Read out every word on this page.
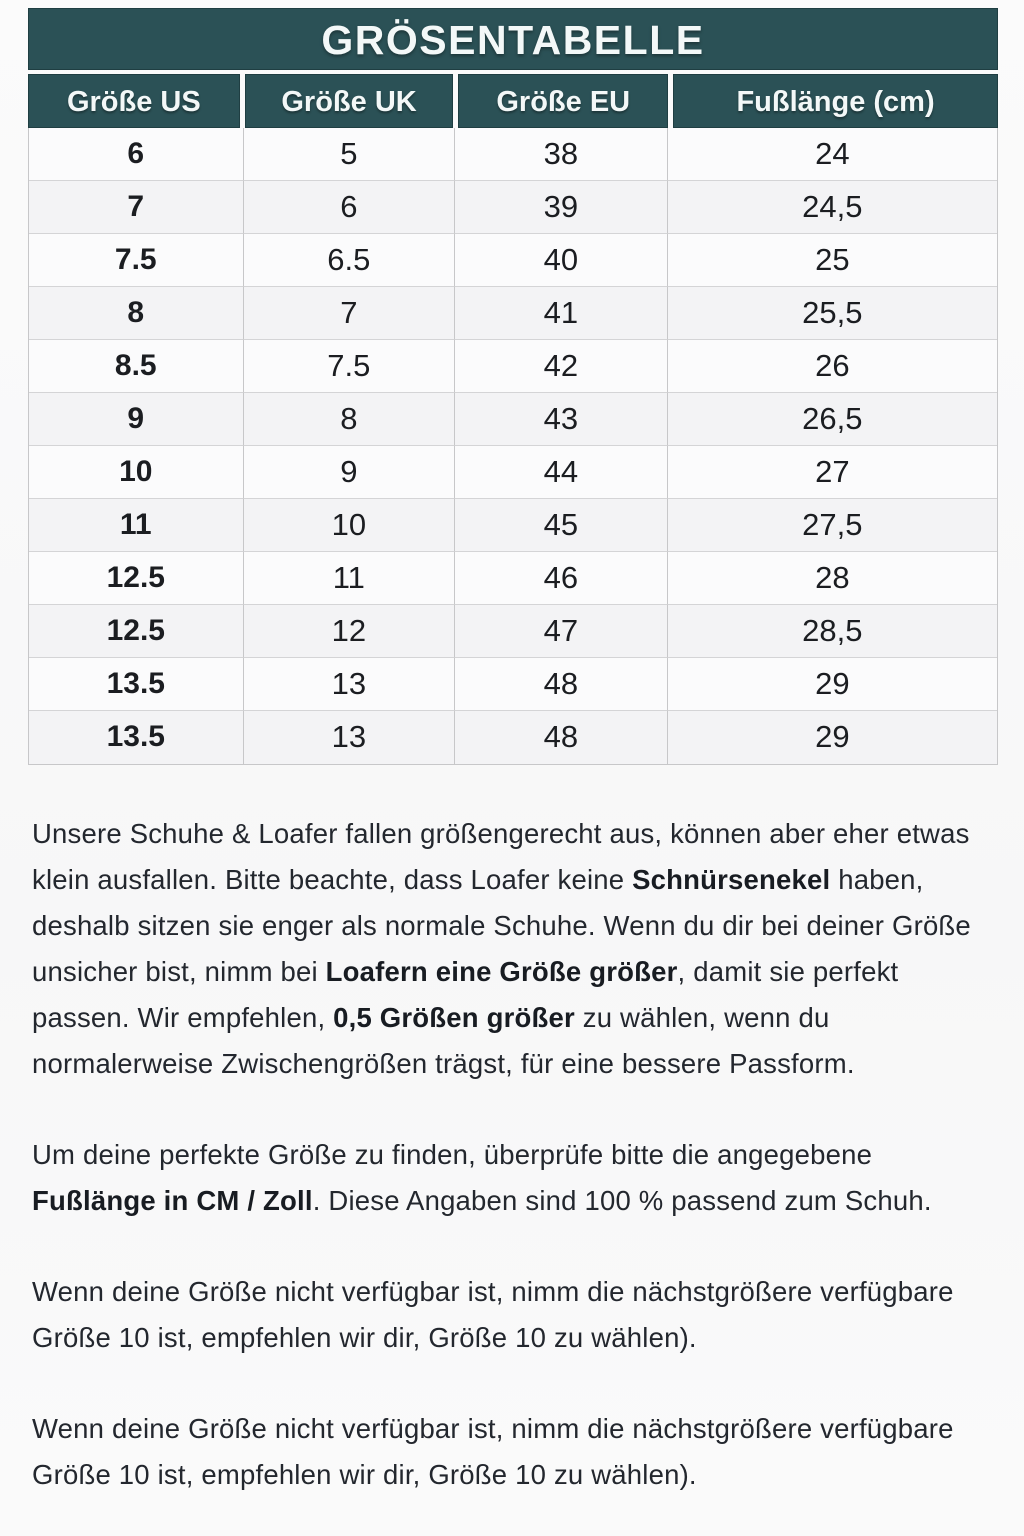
GRÖSENTABELLE
Größe US	Größe UK	Größe EU	Fußlänge (cm)
6	5	38	24
7	6	39	24,5
7.5	6.5	40	25
8	7	41	25,5
8.5	7.5	42	26
9	8	43	26,5
10	9	44	27
11	10	45	27,5
12.5	11	46	28
12.5	12	47	28,5
13.5	13	48	29
13.5	13	48	29

Unsere Schuhe & Loafer fallen größengerecht aus, können aber eher etwas klein ausfallen. Bitte beachte, dass Loafer keine Schnürsenekel haben, deshalb sitzen sie enger als normale Schuhe. Wenn du dir bei deiner Größe unsicher bist, nimm bei Loafern eine Größe größer, damit sie perfekt passen. Wir empfehlen, 0,5 Größen größer zu wählen, wenn du normalerweise Zwischengrößen trägst, für eine bessere Passform.

Um deine perfekte Größe zu finden, überprüfe bitte die angegebene Fußlänge in CM / Zoll. Diese Angaben sind 100 % passend zum Schuh.

Wenn deine Größe nicht verfügbar ist, nimm die nächstgrößere verfügbare Größe 10 ist, empfehlen wir dir, Größe 10 zu wählen).

Wenn deine Größe nicht verfügbar ist, nimm die nächstgrößere verfügbare Größe 10 ist, empfehlen wir dir, Größe 10 zu wählen).
